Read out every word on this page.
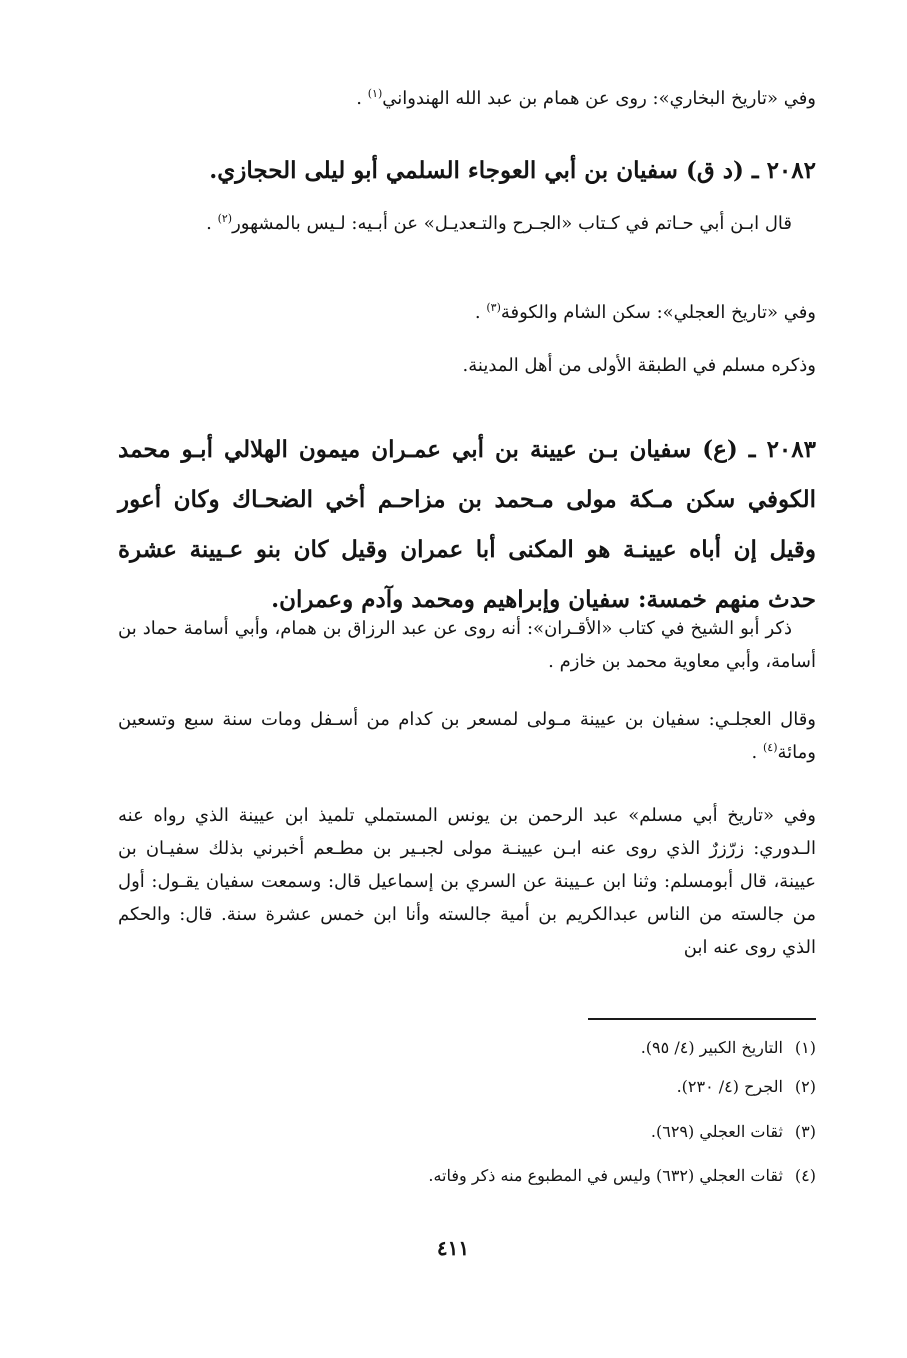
وفي «تاريخ البخاري»: روى عن همام بن عبد الله الهندواني$^{(١)}$ .

٢٠٨٢ ـ (د ق) سفيان بن أبي العوجاء السلمي أبو ليلى الحجازي.

قال ابـن أبي حـاتم في كـتاب «الجـرح والتـعديـل» عن أبـيه: لـيس بالمشهور$^{(٢)}$ .

وفي «تاريخ العجلي»: سكن الشام والكوفة$^{(٣)}$ .

وذكره مسلم في الطبقة الأولى من أهل المدينة.

٢٠٨٣ ـ (ع) سفيان بـن عيينة بن أبي عمـران ميمون الهلالي أبـو محمد الكوفي سكن مـكة مولى مـحمد بن مزاحـم أخي الضحـاك وكان أعور وقيل إن أباه عيينـة هو المكنى أبا عمران وقيل كان بنو عـيينة عشرة حدث منهم خمسة: سفيان وإبراهيم ومحمد وآدم وعمران.

ذكر أبو الشيخ في كتاب «الأقـران»: أنه روى عن عبد الرزاق بن همام، وأبي أسامة حماد بن أسامة، وأبي معاوية محمد بن خازم .

وقال العجلـي: سفيان بن عيينة مـولى لمسعر بن كدام من أسـفل ومات سنة سبع وتسعين ومائة$^{(٤)}$ .

وفي «تاريخ أبي مسلم» عبد الرحمن بن يونس المستملي تلميذ ابن عيينة الذي رواه عنه الـدوري: زرّزرٌ الذي روى عنه ابـن عيينـة مولى لجبـير بن مطـعم أخبرني بذلك سفيـان بن عيينة، قال أبومسلم: وثنا ابن عـيينة عن السري بن إسماعيل قال: وسمعت سفيان يقـول: أول من جالسته من الناس عبدالكريم بن أمية جالسته وأنا ابن خمس عشرة سنة. قال: والحكم الذي روى عنه ابن

(١)التاريخ الكبير (٤/ ٩٥).

(٢)الجرح (٤/ ٢٣٠).

(٣)ثقات العجلي (٦٢٩).

(٤)ثقات العجلي (٦٣٢) وليس في المطبوع منه ذكر وفاته.

٤١١
